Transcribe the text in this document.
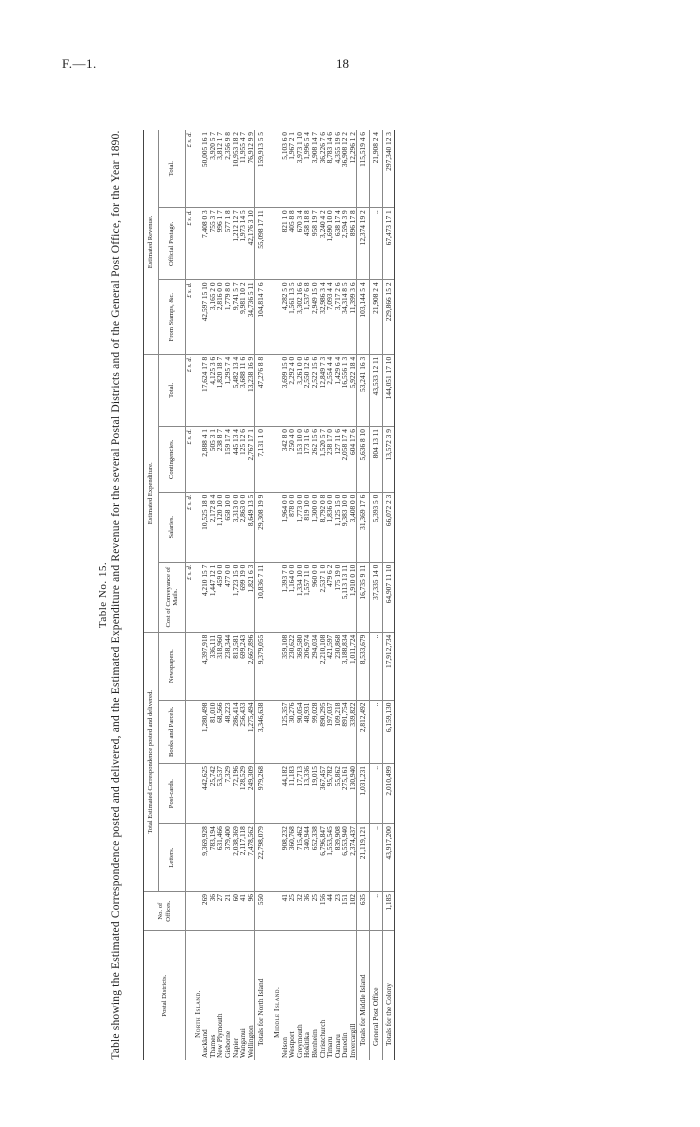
F.—1.	18
Table No. 15. Table showing the Estimated Correspondence posted and delivered, and the Estimated Expenditure and Revenue for the several Postal Districts and of the General Post Office, for the Year 1890.	Postal Districts.	No. of Offices.	Total Estimated Correspondence posted and delivered.				Estimated Expenditure.				Estimated Revenue.		
		Letters.	Post-cards.	Books and Parcels.	Newspapers.	Cost of Conveyance of Mails.	Salaries.	Contingencies.	Total.	From Stamps, &c.	Official Postage.	Total.
						£ s. d.	£ s. d.	£ s. d.	£ s. d.	£ s. d.	£ s. d.	£ s. d.
North Island.												
Auckland	269	9,369,928	442,625	1,280,498	4,397,918	4,210 15 7	10,525 18 0	2,888 4 1	17,624 17 8	42,597 15 10	7,408 0 3	50,005 16 1
Thames	36	783,194	25,742	81,010	336,111	1,447 12 1	2,172 8 4	505 3 1	4,125 3 6	3,165 2 0	755 3 7	3,920 5 7
New Plymouth	27	631,466	53,537	68,566	318,960	459 0 0	1,120 10 0	238 8 7	1,820 18 7	2,816 0 0	996 1 7	3,812 1 7
Gisborne	21	379,400	7,329	48,223	238,344	477 0 0	658 10 0	159 17 4	1,295 7 4	1,779 8 0	577 1 8	2,356 9 8
Napier	60	2,038,369	72,196	286,414	813,581	1,723 15 0	3,313 0 0	445 13 4	5,482 13 4	9,741 5 7	1,212 12 7	10,953 18 2
Wanganui	41	2,117,118	128,529	256,433	699,243	699 19 0	2,863 0 0	125 12 6	3,688 11 6	9,981 10 2	1,973 14 5	11,955 4 7
Wellington	96	7,478,562	249,309	1,275,494	2,667,896	1,821 6 3	8,649 13 5	2,767 17 1	13,238 16 9	34,736 5 11	42,176 3 10	76,912 9 9
Totals for North Island	550	22,798,079	979,268	3,346,638	9,379,055	10,836 7 11	29,308 19 9	7,131 1 0	47,276 8 8	104,814 7 6	55,098 17 11	159,913 5 5

Middle Island.												
Nelson	41	908,232	44,182	125,357	359,108	1,393 7 0	1,964 0 0	342 8 0	3,699 15 0	4,282 5 0	821 1 0	5,103 6 0
Westport	25	360,768	11,183	30,276	230,622	1,164 0 0	878 0 0	250 4 0	2,292 4 0	1,561 13 5	405 8 8	1,967 2 1
Greymouth	32	715,462	17,713	90,054	369,580	1,334 10 0	1,773 0 0	153 10 0	3,261 0 0	3,302 16 6	670 3 4	3,973 1 10
Hokitika	36	340,944	13,336	48,931	206,974	1,557 11 0	819 10 0	173 11 6	2,550 12 6	1,537 6 8	458 18 8	1,996 5 4
Blenheim	25	652,338	19,015	99,028	294,034	960 0 0	1,300 0 0	262 15 6	2,522 15 6	2,949 15 0	958 19 7	3,908 14 7
Christchurch	156	6,796,847	367,457	890,295	2,210,108	2,537 1 0	8,792 0 8	1,520 5 7	12,849 7 3	32,986 3 4	3,240 4 2	36,226 7 6
Timaru	44	1,553,545	95,782	197,037	421,597	479 6 2	1,836 0 0	238 17 0	2,554 4 4	7,093 4 4	1,690 10 0	8,783 14 6
Oamaru	23	839,908	55,862	109,218	230,868	175 19 0	1,125 15 0	127 11 6	1,429 6 4	3,717 2 6	638 17 4	4,355 19 6
Dunedin	151	6,553,940	275,161	891,754	3,188,834	5,113 13 11	9,383 10 0	2,058 17 4	16,556 1 3	34,314 8 5	2,594 3 9	36,908 12 2
Invercargill	102	2,374,437	130,940	339,822	1,011,724	1,910 0 10	3,408 0 0	604 17 6	5,922 18 4	11,399 3 6	896 17 8	12,296 1 2
Totals for Middle Island	635	21,119,121	1,031,231	2,812,492	8,533,679	16,735 9 11	31,369 17 6	5,636 8 10	53,241 16 3	103,144 5 4	12,374 19 2	115,519 4 6
General Post Office	..	..	..	..	..	37,335 14 0	5,393 5 0	804 13 11	43,533 12 11	21,908 2 4	..	21,908 2 4
Totals for the Colony	1,185	43,917,200	2,010,499	6,159,130	17,912,734	64,907 11 10	66,072 2 3	13,572 3 9	144,051 17 10	229,866 15 2	67,473 17 1	297,340 12 3
